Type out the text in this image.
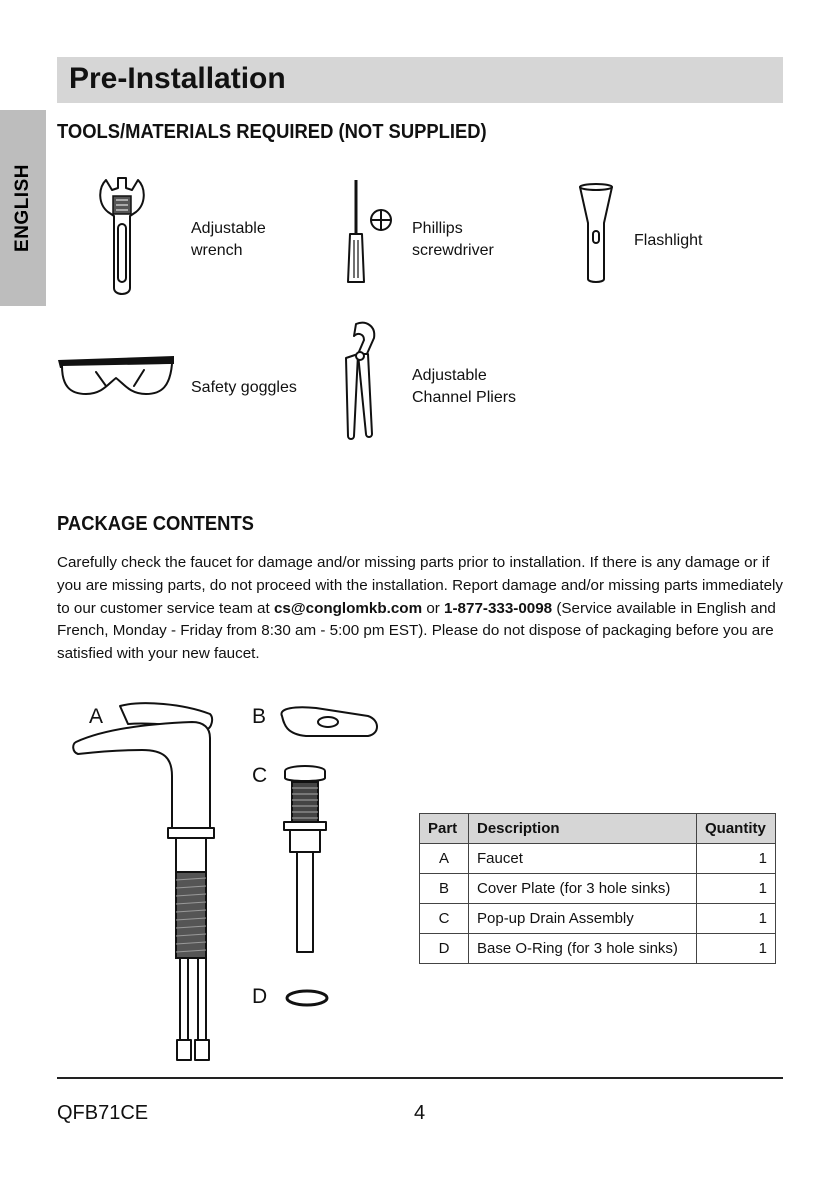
ENGLISH
Pre-Installation
TOOLS/MATERIALS REQUIRED (NOT SUPPLIED)
Adjustable
wrench
Phillips
screwdriver
Flashlight
Safety goggles
Adjustable
Channel Pliers
PACKAGE CONTENTS
Carefully check the faucet for damage and/or missing parts prior to installation. If there is any damage or if you are missing parts, do not proceed with the installation. Report damage and/or missing parts immediately to our customer service team at cs@conglomkb.com or 1-877-333-0098 (Service available in English and French, Monday - Friday from 8:30 am - 5:00 pm EST). Please do not dispose of packaging before you are satisfied with your new faucet.
A	B
C
D
Part	Description	Quantity
A	Faucet	1
B	Cover Plate (for 3 hole sinks)	1
C	Pop-up Drain Assembly	1
D	Base O-Ring (for 3 hole sinks)	1
QFB71CE	4
